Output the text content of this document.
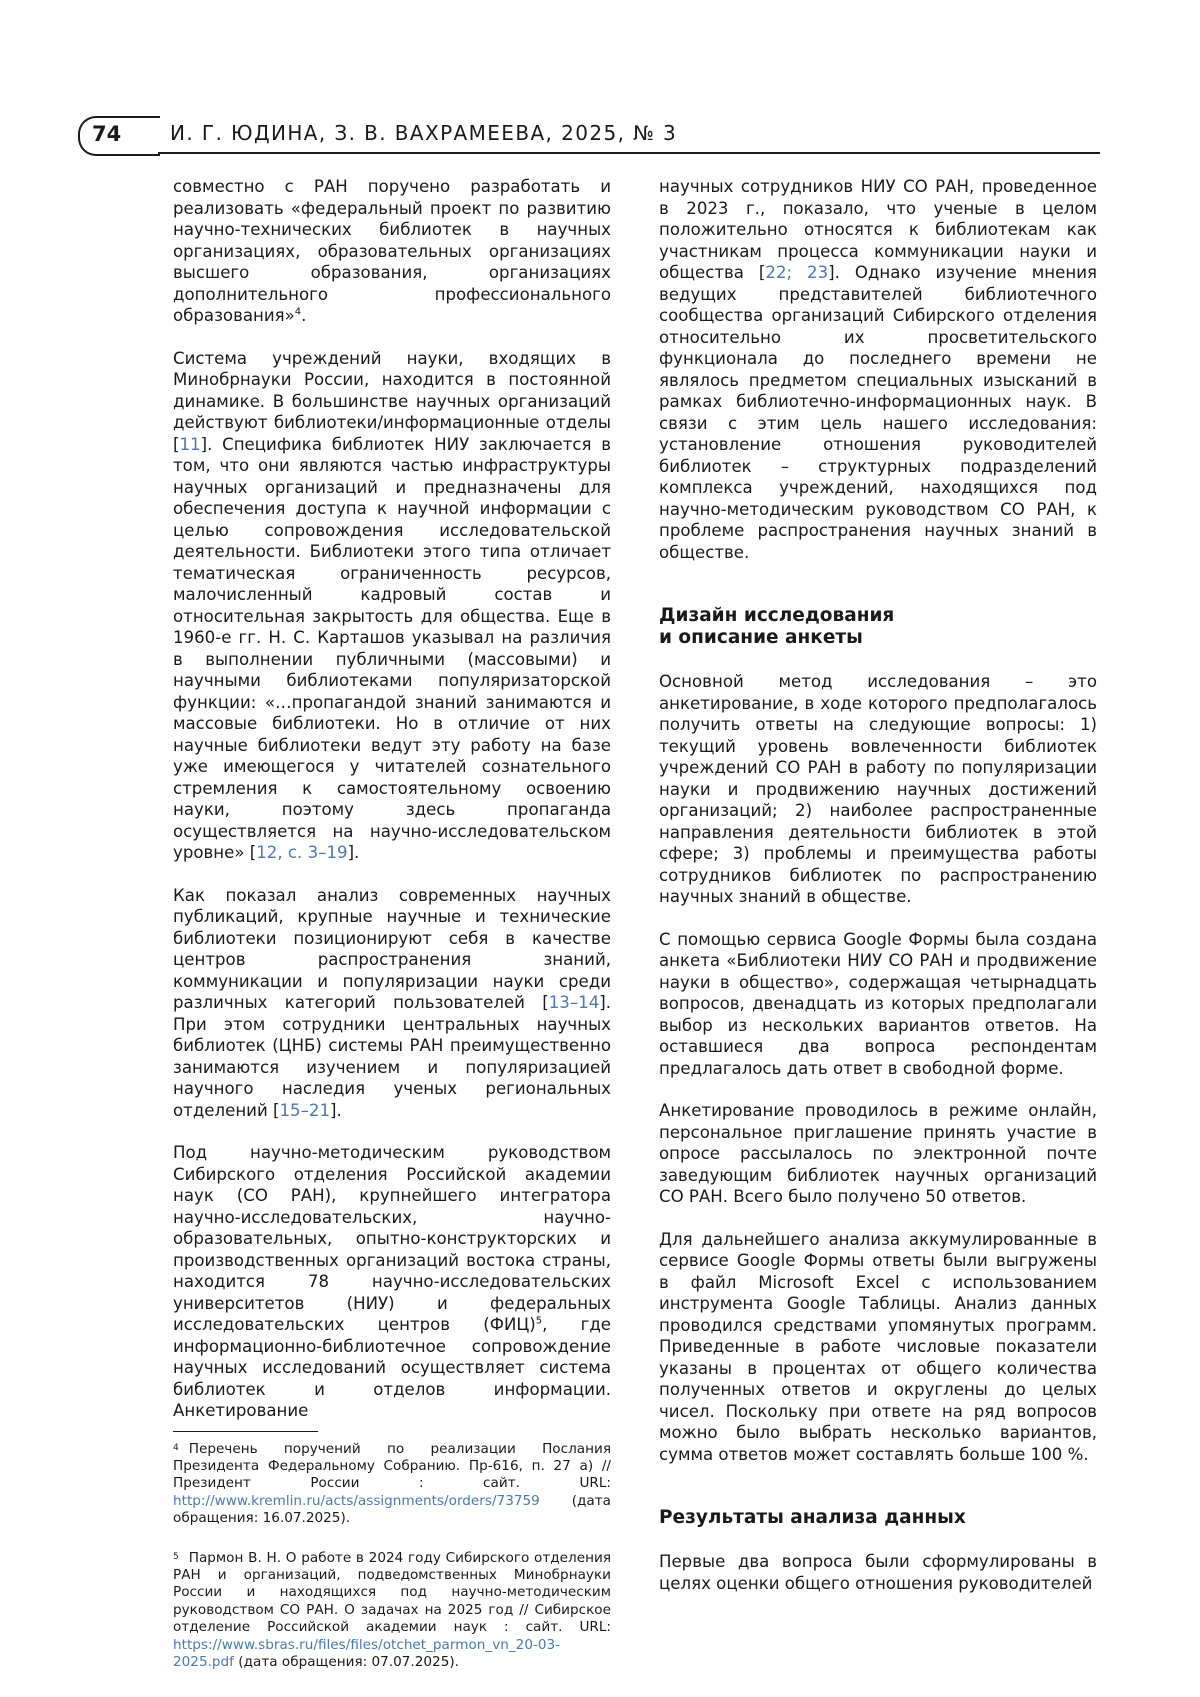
74 И. Г. ЮДИНА, З. В. ВАХРАМЕЕВА, 2025, № 3

совместно с РАН поручено разработать и реализовать «федеральный проект по развитию научно-технических библиотек в научных организациях, образовательных организациях высшего образования, организациях дополнительного профессионального образования»$^4$.

Система учреждений науки, входящих в Минобрнауки России, находится в постоянной динамике. В большинстве научных организаций действуют библиотеки/информационные отделы [11]. Специфика библиотек НИУ заключается в том, что они являются частью инфраструктуры научных организаций и предназначены для обеспечения доступа к научной информации с целью сопровождения исследовательской деятельности. Библиотеки этого типа отличает тематическая ограниченность ресурсов, малочисленный кадровый состав и относительная закрытость для общества. Еще в 1960-е гг. Н. С. Карташов указывал на различия в выполнении публичными (массовыми) и научными библиотеками популяризаторской функции: «…пропагандой знаний занимаются и массовые библиотеки. Но в отличие от них научные библиотеки ведут эту работу на базе уже имеющегося у читателей сознательного стремления к самостоятельному освоению науки, поэтому здесь пропаганда осуществляется на научно-исследовательском уровне» [12, с. 3–19].

Как показал анализ современных научных публикаций, крупные научные и технические библиотеки позиционируют себя в качестве центров распространения знаний, коммуникации и популяризации науки среди различных категорий пользователей [13–14]. При этом сотрудники центральных научных библиотек (ЦНБ) системы РАН преимущественно занимаются изучением и популяризацией научного наследия ученых региональных отделений [15–21].

Под научно-методическим руководством Сибирского отделения Российской академии наук (СО РАН), крупнейшего интегратора научно-исследовательских, научно-образовательных, опытно-конструкторских и производственных организаций востока страны, находится 78 научно-исследовательских университетов (НИУ) и федеральных исследовательских центров (ФИЦ)$^5$, где информационно-библиотечное сопровождение научных исследований осуществляет система библиотек и отделов информации. Анкетирование

$^4$ Перечень поручений по реализации Послания Президента Федеральному Собранию. Пр-616, п. 27 а) // Президент России : сайт. URL: http://www.kremlin.ru/acts/assignments/orders/73759 (дата обращения: 16.07.2025).

$^5$ Пармон В. Н. О работе в 2024 году Сибирского отделения РАН и организаций, подведомственных Минобрнауки России и находящихся под научно-методическим руководством СО РАН. О задачах на 2025 год // Сибирское отделение Российской академии наук : сайт. URL: https://www.sbras.ru/files/files/otchet_parmon_vn_20-03-2025.pdf (дата обращения: 07.07.2025).

научных сотрудников НИУ СО РАН, проведенное в 2023 г., показало, что ученые в целом положительно относятся к библиотекам как участникам процесса коммуникации науки и общества [22; 23]. Однако изучение мнения ведущих представителей библиотечного сообщества организаций Сибирского отделения относительно их просветительского функционала до последнего времени не являлось предметом специальных изысканий в рамках библиотечно-информационных наук. В связи с этим цель нашего исследования: установление отношения руководителей библиотек – структурных подразделений комплекса учреждений, находящихся под научно-методическим руководством СО РАН, к проблеме распространения научных знаний в обществе.

Дизайн исследования
и описание анкеты

Основной метод исследования – это анкетирование, в ходе которого предполагалось получить ответы на следующие вопросы: 1) текущий уровень вовлеченности библиотек учреждений СО РАН в работу по популяризации науки и продвижению научных достижений организаций; 2) наиболее распространенные направления деятельности библиотек в этой сфере; 3) проблемы и преимущества работы сотрудников библиотек по распространению научных знаний в обществе.

С помощью сервиса Google Формы была создана анкета «Библиотеки НИУ СО РАН и продвижение науки в общество», содержащая четырнадцать вопросов, двенадцать из которых предполагали выбор из нескольких вариантов ответов. На оставшиеся два вопроса респондентам предлагалось дать ответ в свободной форме.

Анкетирование проводилось в режиме онлайн, персональное приглашение принять участие в опросе рассылалось по электронной почте заведующим библиотек научных организаций СО РАН. Всего было получено 50 ответов.

Для дальнейшего анализа аккумулированные в сервисе Google Формы ответы были выгружены в файл Microsoft Excel с использованием инструмента Google Таблицы. Анализ данных проводился средствами упомянутых программ. Приведенные в работе числовые показатели указаны в процентах от общего количества полученных ответов и округлены до целых чисел. Поскольку при ответе на ряд вопросов можно было выбрать несколько вариантов, сумма ответов может составлять больше 100 %.

Результаты анализа данных

Первые два вопроса были сформулированы в целях оценки общего отношения руководителей
